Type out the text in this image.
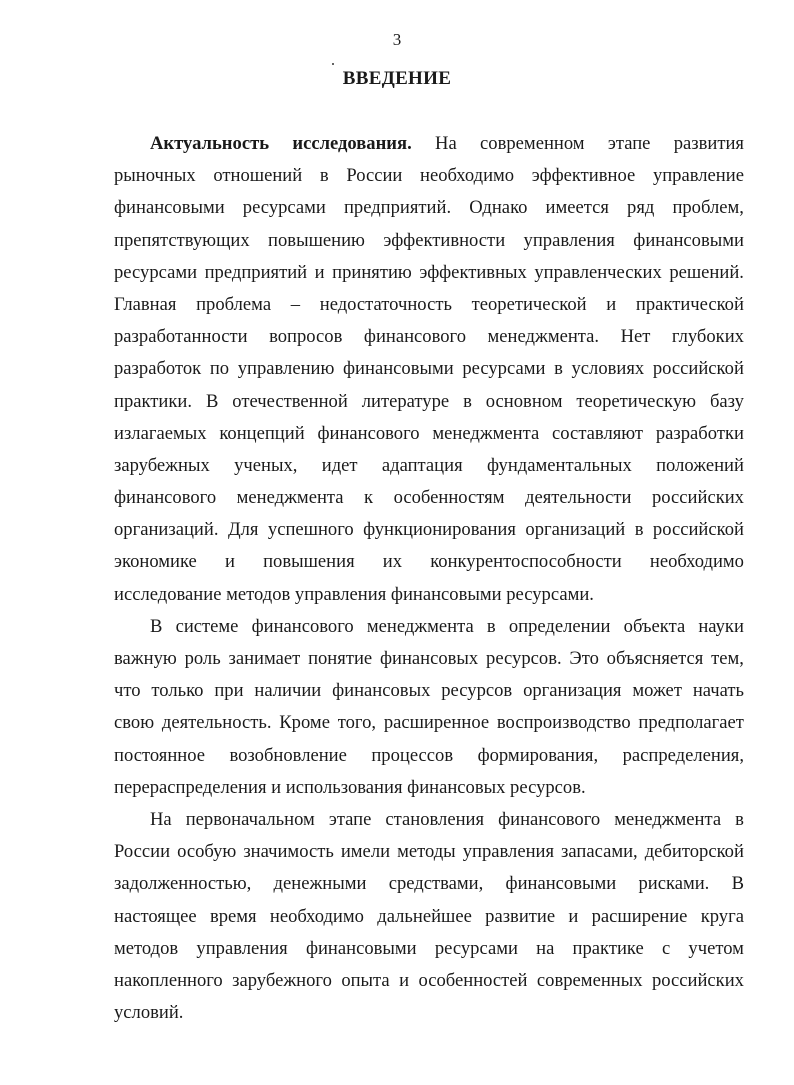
3
ВВЕДЕНИЕ
Актуальность исследования. На современном этапе развития
рыночных отношений в России необходимо эффективное управление
финансовыми ресурсами предприятий. Однако имеется ряд проблем,
препятствующих повышению эффективности управления финансовыми
ресурсами предприятий и принятию эффективных управленческих решений.
Главная проблема – недостаточность теоретической и практической
разработанности вопросов финансового менеджмента. Нет глубоких
разработок по управлению финансовыми ресурсами в условиях российской
практики. В отечественной литературе в основном теоретическую базу
излагаемых концепций финансового менеджмента составляют разработки
зарубежных ученых, идет адаптация фундаментальных положений
финансового менеджмента к особенностям деятельности российских
организаций. Для успешного функционирования организаций в российской
экономике и повышения их конкурентоспособности необходимо
исследование методов управления финансовыми ресурсами.
В системе финансового менеджмента в определении объекта науки
важную роль занимает понятие финансовых ресурсов. Это объясняется тем,
что только при наличии финансовых ресурсов организация может начать
свою деятельность. Кроме того, расширенное воспроизводство предполагает
постоянное возобновление процессов формирования, распределения,
перераспределения и использования финансовых ресурсов.
На первоначальном этапе становления финансового менеджмента в
России особую значимость имели методы управления запасами, дебиторской
задолженностью, денежными средствами, финансовыми рисками. В
настоящее время необходимо дальнейшее развитие и расширение круга
методов управления финансовыми ресурсами на практике с учетом
накопленного зарубежного опыта и особенностей современных российских
условий.
